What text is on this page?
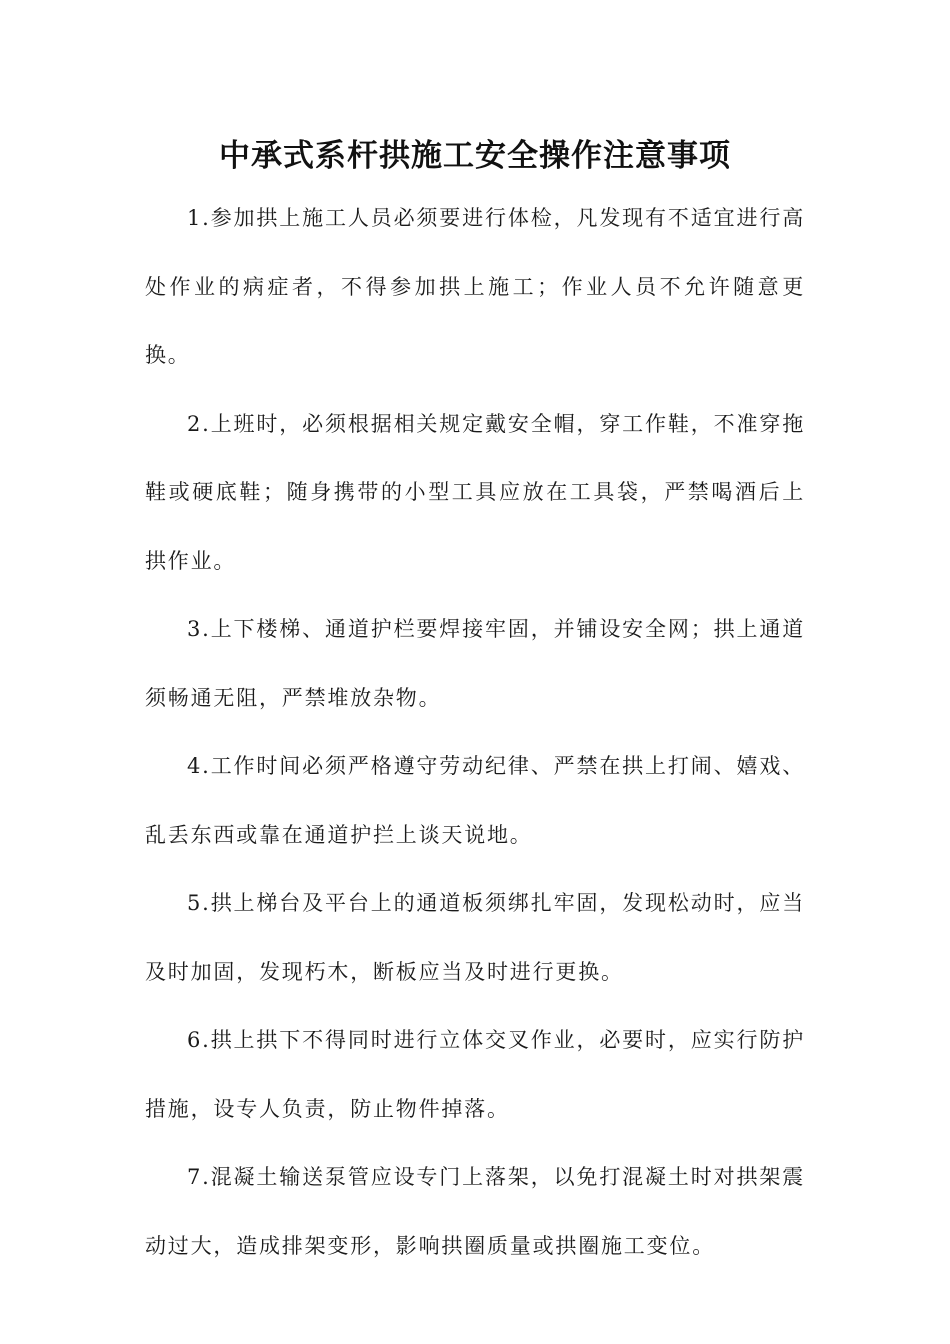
中承式系杆拱施工安全操作注意事项

1.参加拱上施工人员必须要进行体检，凡发现有不适宜进行高处作业的病症者，不得参加拱上施工；作业人员不允许随意更换。

2.上班时，必须根据相关规定戴安全帽，穿工作鞋，不准穿拖鞋或硬底鞋；随身携带的小型工具应放在工具袋，严禁喝酒后上拱作业。

3.上下楼梯、通道护栏要焊接牢固，并铺设安全网；拱上通道须畅通无阻，严禁堆放杂物。

4.工作时间必须严格遵守劳动纪律、严禁在拱上打闹、嬉戏、乱丢东西或靠在通道护拦上谈天说地。

5.拱上梯台及平台上的通道板须绑扎牢固，发现松动时，应当及时加固，发现朽木，断板应当及时进行更换。

6.拱上拱下不得同时进行立体交叉作业，必要时，应实行防护措施，设专人负责，防止物件掉落。

7.混凝土输送泵管应设专门上落架，以免打混凝土时对拱架震动过大，造成排架变形，影响拱圈质量或拱圈施工变位。
